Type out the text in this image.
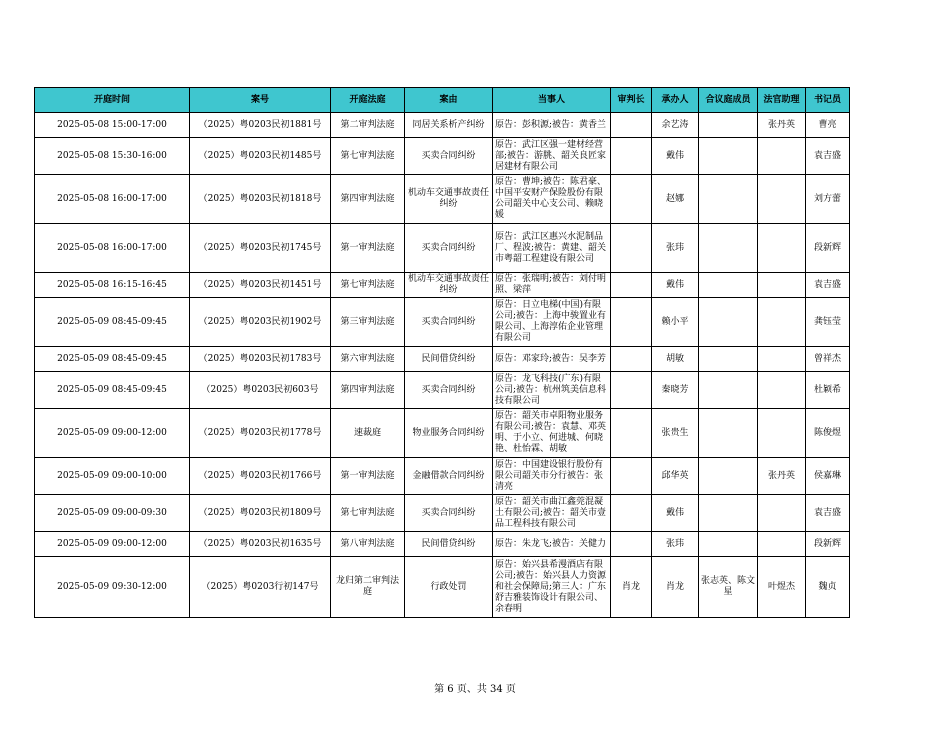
开庭时间	案号	开庭法庭	案由	当事人	审判长	承办人	合议庭成员	法官助理	书记员
2025-05-08 15:00-17:00	（2025）粤0203民初1881号	第二审判法庭	同居关系析产纠纷	原告：彭积源;被告：黄香兰		余艺涛		张丹英	曹亮
2025-05-08 15:30-16:00	（2025）粤0203民初1485号	第七审判法庭	买卖合同纠纷	原告：武江区强一建材经营部;被告：游朓、韶关良匠家居建材有限公司		戴伟			袁吉盛
2025-05-08 16:00-17:00	（2025）粤0203民初1818号	第四审判法庭	机动车交通事故责任纠纷	原告：曹坤;被告：陈君豪、中国平安财产保险股份有限公司韶关中心支公司、赖晓媛		赵娜			刘方蕾
2025-05-08 16:00-17:00	（2025）粤0203民初1745号	第一审判法庭	买卖合同纠纷	原告：武江区惠兴水泥制品厂、程波;被告：黄建、韶关市粤韶工程建设有限公司		张玮			段新辉
2025-05-08 16:15-16:45	（2025）粤0203民初1451号	第七审判法庭	机动车交通事故责任纠纷	原告：张瑞明;被告：刘付明照、梁萍		戴伟			袁吉盛
2025-05-09 08:45-09:45	（2025）粤0203民初1902号	第三审判法庭	买卖合同纠纷	原告：日立电梯(中国)有限公司;被告：上海中骏置业有限公司、上海淳佑企业管理有限公司		赖小平			龚钰莹
2025-05-09 08:45-09:45	（2025）粤0203民初1783号	第六审判法庭	民间借贷纠纷	原告：邓家玲;被告：吴李芳		胡敏			曾祥杰
2025-05-09 08:45-09:45	（2025）粤0203民初603号	第四审判法庭	买卖合同纠纷	原告：龙飞科技(广东)有限公司;被告：杭州筑美信息科技有限公司		秦晓芳			杜颖希
2025-05-09 09:00-12:00	（2025）粤0203民初1778号	速裁庭	物业服务合同纠纷	原告：韶关市卓阳物业服务有限公司;被告：袁慧、邓英明、于小立、何进城、何晓艳、杜怡霖、胡敏		张贵生			陈俊煜
2025-05-09 09:00-10:00	（2025）粤0203民初1766号	第一审判法庭	金融借款合同纠纷	原告：中国建设银行股份有限公司韶关市分行被告：张清亮		邱华英		张丹英	侯嘉琳
2025-05-09 09:00-09:30	（2025）粤0203民初1809号	第七审判法庭	买卖合同纠纷	原告：韶关市曲江鑫莞混凝土有限公司;被告：韶关市壹品工程科技有限公司		戴伟			袁吉盛
2025-05-09 09:00-12:00	（2025）粤0203民初1635号	第八审判法庭	民间借贷纠纷	原告：朱龙飞;被告：关健力		张玮			段新辉
2025-05-09 09:30-12:00	（2025）粤0203行初147号	龙归第二审判法庭	行政处罚	原告：始兴县希漫酒店有限公司;被告：始兴县人力资源和社会保障局;第三人：广东舒吉雅装饰设计有限公司、余春明	肖龙	肖龙	张志英、陈文星	叶煜杰	魏贞
第 6 页、共 34 页
